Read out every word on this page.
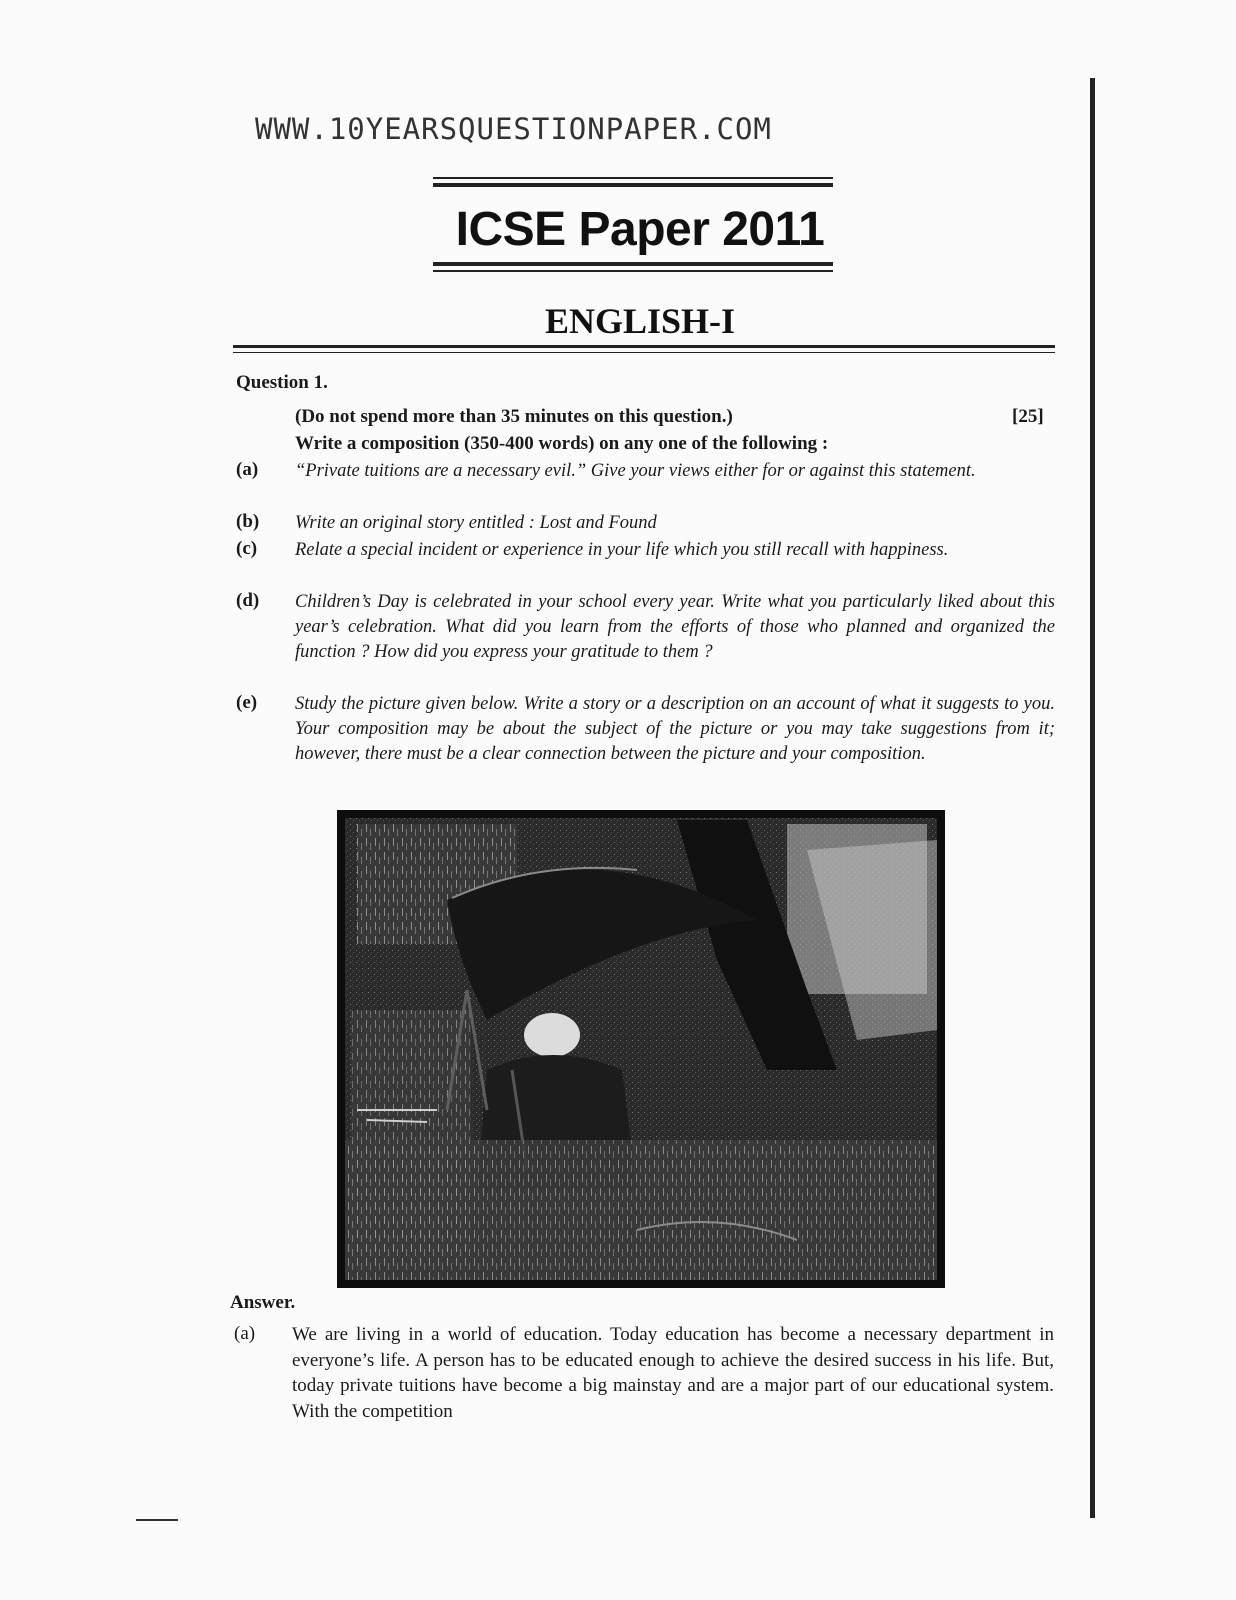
WWW.10YEARSQUESTIONPAPER.COM
ICSE Paper 2011
ENGLISH-I
Question 1.
(Do not spend more than 35 minutes on this question.)	[25]
Write a composition (350-400 words) on any one of the following :
(a) “Private tuitions are a necessary evil.” Give your views either for or against this statement.
(b) Write an original story entitled : Lost and Found
(c) Relate a special incident or experience in your life which you still recall with happiness.
(d) Children’s Day is celebrated in your school every year. Write what you particularly liked about this year’s celebration. What did you learn from the efforts of those who planned and organized the function ? How did you express your gratitude to them ?
(e) Study the picture given below. Write a story or a description on an account of what it suggests to you. Your composition may be about the subject of the picture or you may take suggestions from it; however, there must be a clear connection between the picture and your composition.
Answer.
(a) We are living in a world of education. Today education has become a necessary department in everyone’s life. A person has to be educated enough to achieve the desired success in his life. But, today private tuitions have become a big mainstay and are a major part of our educational system. With the competition
